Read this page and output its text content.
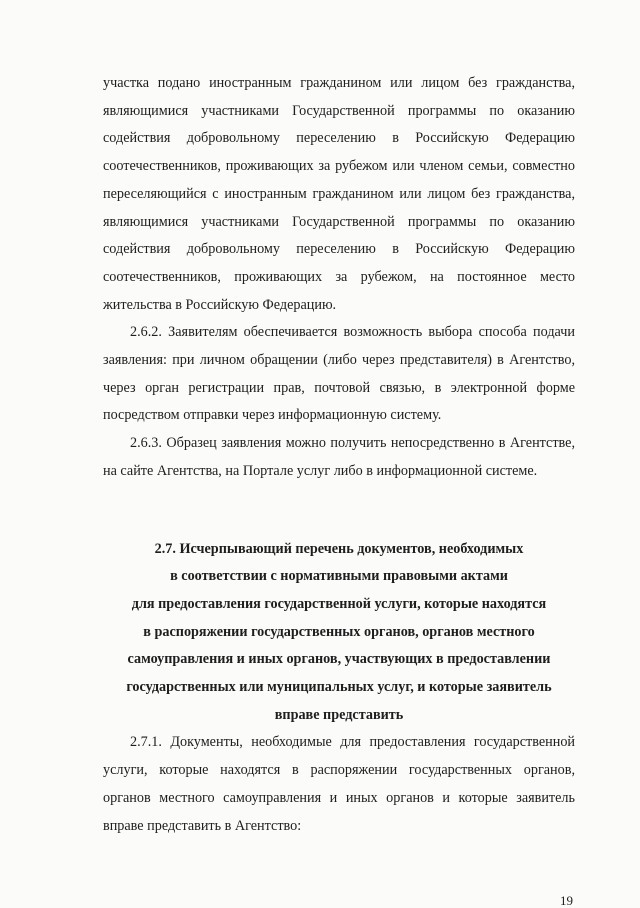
участка подано иностранным гражданином или лицом без гражданства, являющимися участниками Государственной программы по оказанию содействия добровольному переселению в Российскую Федерацию соотечественников, проживающих за рубежом или членом семьи, совместно переселяющийся с иностранным гражданином или лицом без гражданства, являющимися участниками Государственной программы по оказанию содействия добровольному переселению в Российскую Федерацию соотечественников, проживающих за рубежом, на постоянное место жительства в Российскую Федерацию.

2.6.2. Заявителям обеспечивается возможность выбора способа подачи заявления: при личном обращении (либо через представителя) в Агентство, через орган регистрации прав, почтовой связью, в электронной форме посредством отправки через информационную систему.

2.6.3. Образец заявления можно получить непосредственно в Агентстве, на сайте Агентства, на Портале услуг либо в информационной системе.

2.7. Исчерпывающий перечень документов, необходимых
в соответствии с нормативными правовыми актами
для предоставления государственной услуги, которые находятся
в распоряжении государственных органов, органов местного
самоуправления и иных органов, участвующих в предоставлении
государственных или муниципальных услуг, и которые заявитель
вправе представить

2.7.1. Документы, необходимые для предоставления государственной услуги, которые находятся в распоряжении государственных органов, органов местного самоуправления и иных органов и которые заявитель вправе представить в Агентство:

19
